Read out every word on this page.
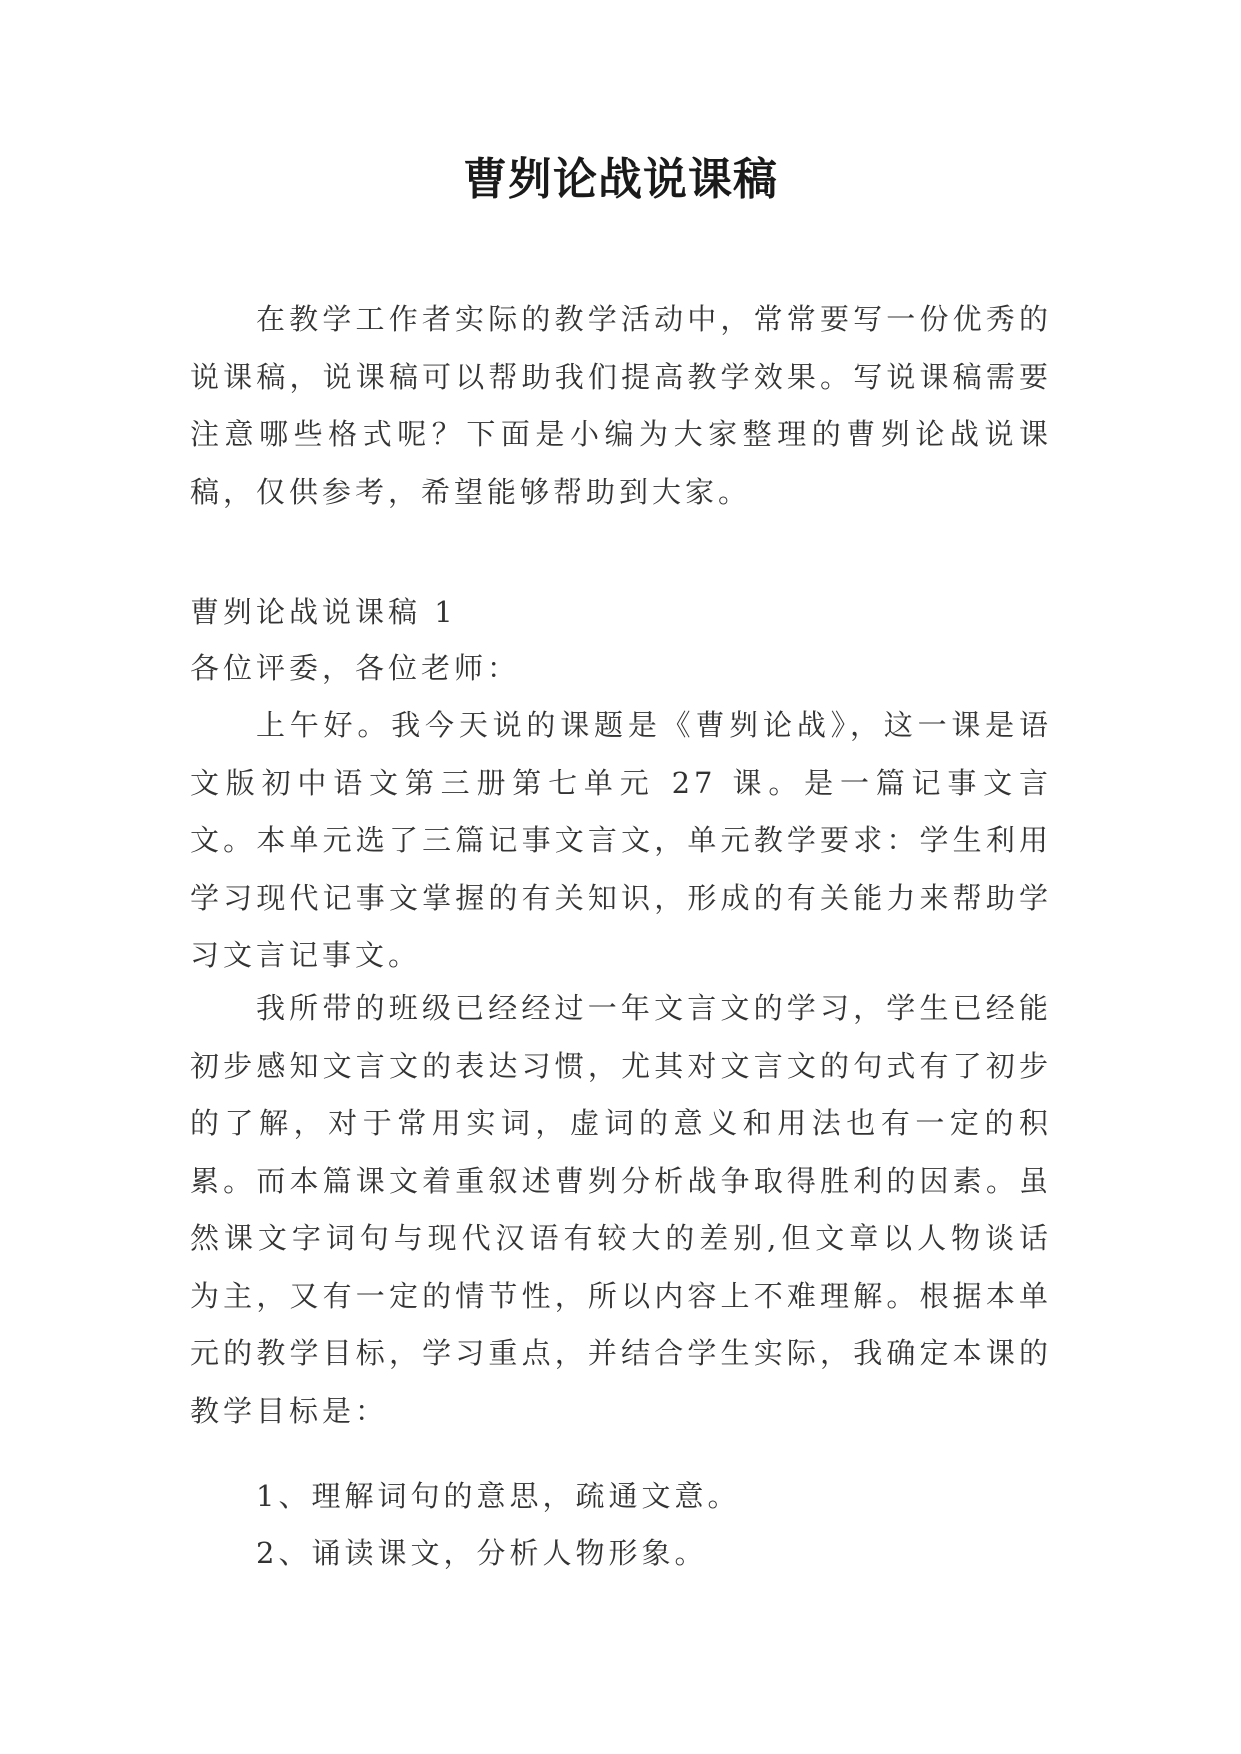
曹刿论战说课稿

在教学工作者实际的教学活动中，常常要写一份优秀的说课稿，说课稿可以帮助我们提高教学效果。写说课稿需要注意哪些格式呢？下面是小编为大家整理的曹刿论战说课稿，仅供参考，希望能够帮助到大家。

曹刿论战说课稿 1

各位评委，各位老师：

上午好。我今天说的课题是《曹刿论战》，这一课是语文版初中语文第三册第七单元 27 课。是一篇记事文言文。本单元选了三篇记事文言文，单元教学要求：学生利用学习现代记事文掌握的有关知识，形成的有关能力来帮助学习文言记事文。

我所带的班级已经经过一年文言文的学习，学生已经能初步感知文言文的表达习惯，尤其对文言文的句式有了初步的了解，对于常用实词，虚词的意义和用法也有一定的积累。而本篇课文着重叙述曹刿分析战争取得胜利的因素。虽然课文字词句与现代汉语有较大的差别,但文章以人物谈话为主，又有一定的情节性，所以内容上不难理解。根据本单元的教学目标，学习重点，并结合学生实际，我确定本课的教学目标是：

1、理解词句的意思，疏通文意。

2、诵读课文，分析人物形象。
